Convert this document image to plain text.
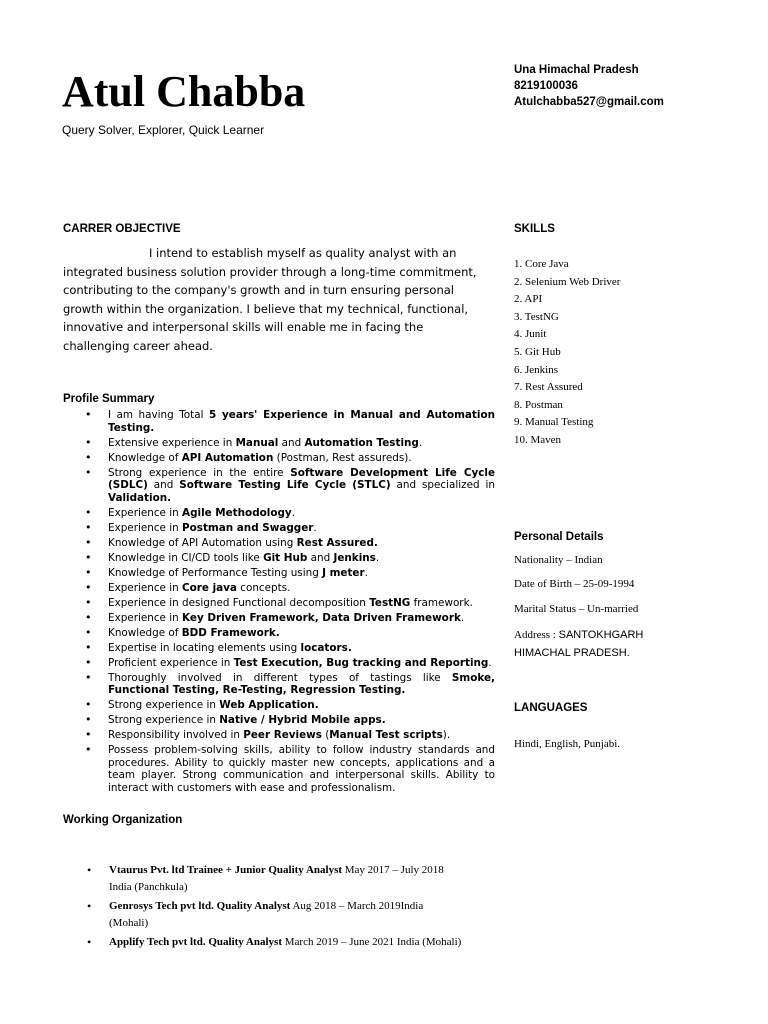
Atul Chabba
Query Solver, Explorer, Quick Learner
Una Himachal Pradesh
8219100036
Atulchabba527@gmail.com
CARRER OBJECTIVE
I intend to establish myself as quality analyst with an integrated business solution provider through a long-time commitment, contributing to the company's growth and in turn ensuring personal growth within the organization. I believe that my technical, functional, innovative and interpersonal skills will enable me in facing the challenging career ahead.
Profile Summary
• I am having Total 5 years' Experience in Manual and Automation Testing.
• Extensive experience in Manual and Automation Testing.
• Knowledge of API Automation (Postman, Rest assureds).
• Strong experience in the entire Software Development Life Cycle (SDLC) and Software Testing Life Cycle (STLC) and specialized in Validation.
• Experience in Agile Methodology.
• Experience in Postman and Swagger.
• Knowledge of API Automation using Rest Assured.
• Knowledge in CI/CD tools like Git Hub and Jenkins.
• Knowledge of Performance Testing using J meter.
• Experience in Core java concepts.
• Experience in designed Functional decomposition TestNG framework.
• Experience in Key Driven Framework, Data Driven Framework.
• Knowledge of BDD Framework.
• Expertise in locating elements using locators.
• Proficient experience in Test Execution, Bug tracking and Reporting.
• Thoroughly involved in different types of tastings like Smoke, Functional Testing, Re-Testing, Regression Testing.
• Strong experience in Web Application.
• Strong experience in Native / Hybrid Mobile apps.
• Responsibility involved in Peer Reviews (Manual Test scripts).
• Possess problem-solving skills, ability to follow industry standards and procedures. Ability to quickly master new concepts, applications and a team player. Strong communication and interpersonal skills. Ability to interact with customers with ease and professionalism.
SKILLS
1. Core Java
2. Selenium Web Driver
2. API
3. TestNG
4. Junit
5. Git Hub
6. Jenkins
7. Rest Assured
8. Postman
9. Manual Testing
10. Maven
Personal Details
Nationality – Indian
Date of Birth – 25-09-1994
Marital Status – Un-married
Address : SANTOKHGARH
HIMACHAL PRADESH.
LANGUAGES
Hindi, English, Punjabi.
Working Organization
• Vtaurus Pvt. ltd Trainee + Junior Quality Analyst May 2017 – July 2018
India (Panchkula)
• Genrosys Tech pvt ltd. Quality Analyst Aug 2018 – March 2019India
(Mohali)
• Applify Tech pvt ltd. Quality Analyst March 2019 – June 2021 India (Mohali)
